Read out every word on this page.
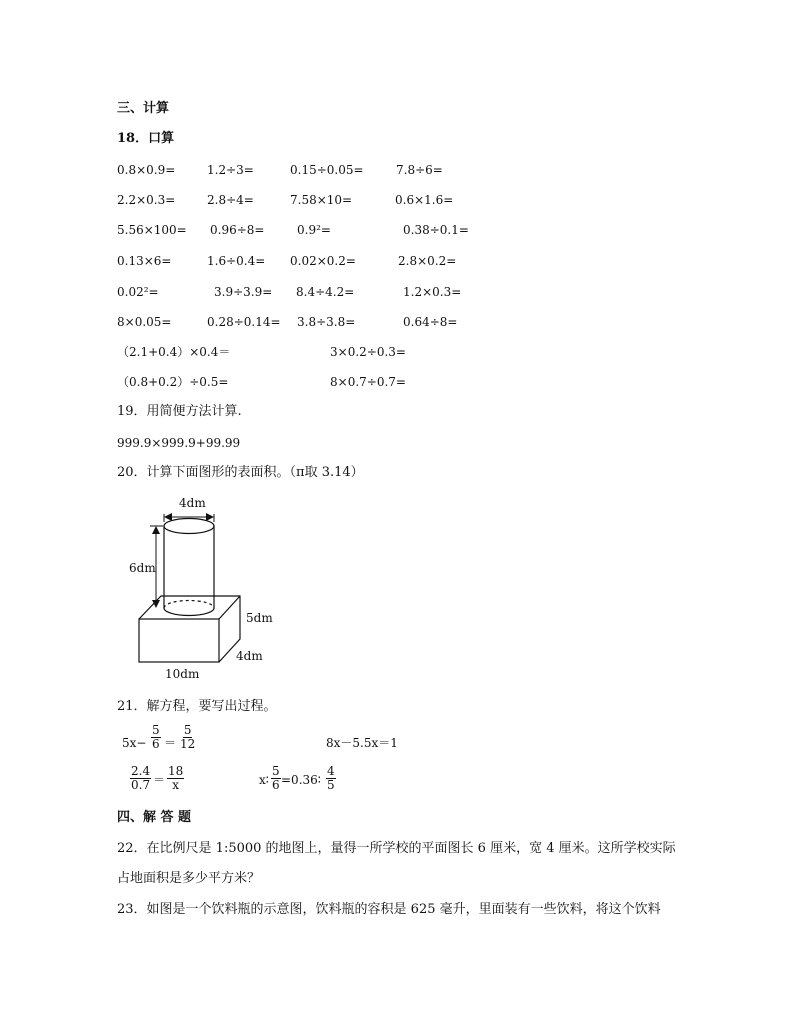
三、计算
18．口算
0.8×0.9=	1.2÷3=	0.15÷0.05=	7.8÷6=
2.2×0.3=	2.8÷4=	7.58×10=	0.6×1.6=
5.56×100= 0.96÷8=	0.9²=	0.38÷0.1=
0.13×6=	1.6÷0.4= 0.02×0.2=	2.8×0.2=
0.02²=	3.9÷3.9= 8.4÷4.2=	1.2×0.3=
8×0.05=	0.28÷0.14= 3.8÷3.8=	0.64÷8=
（2.1+0.4）×0.4＝	3×0.2÷0.3=
（0.8+0.2）÷0.5=	8×0.7÷0.7=
19．用简便方法计算.
999.9×999.9+99.99
20．计算下面图形的表面积。（π取 3.14）
4dm
6dm
5dm
4dm
10dm
21．解方程，要写出过程。
$5x- \frac{5}{6} = \frac{5}{12}$	8x－5.5x＝1
$\frac{2.4}{0.7} = \frac{18}{x}$	x∶ $\frac{5}{6}$ =0.36∶ $\frac{4}{5}$
四、解 答 题
22．在比例尺是 1:5000 的地图上，量得一所学校的平面图长 6 厘米，宽 4 厘米。这所学校实际
占地面积是多少平方米？
23．如图是一个饮料瓶的示意图，饮料瓶的容积是 625 毫升，里面装有一些饮料，将这个饮料
